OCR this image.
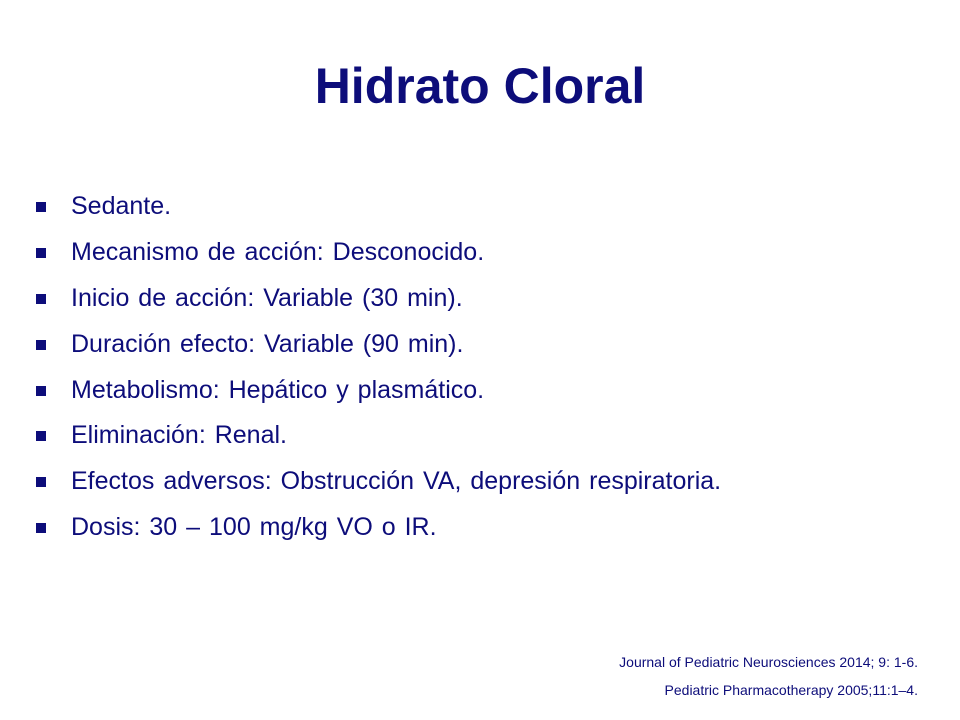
Hidrato Cloral
Sedante.
Mecanismo de acción: Desconocido.
Inicio de acción: Variable (30 min).
Duración efecto: Variable (90 min).
Metabolismo: Hepático y plasmático.
Eliminación: Renal.
Efectos adversos: Obstrucción VA, depresión respiratoria.
Dosis: 30 – 100 mg/kg VO o IR.
Journal of Pediatric Neurosciences 2014; 9: 1-6.
Pediatric Pharmacotherapy 2005;11:1–4.
